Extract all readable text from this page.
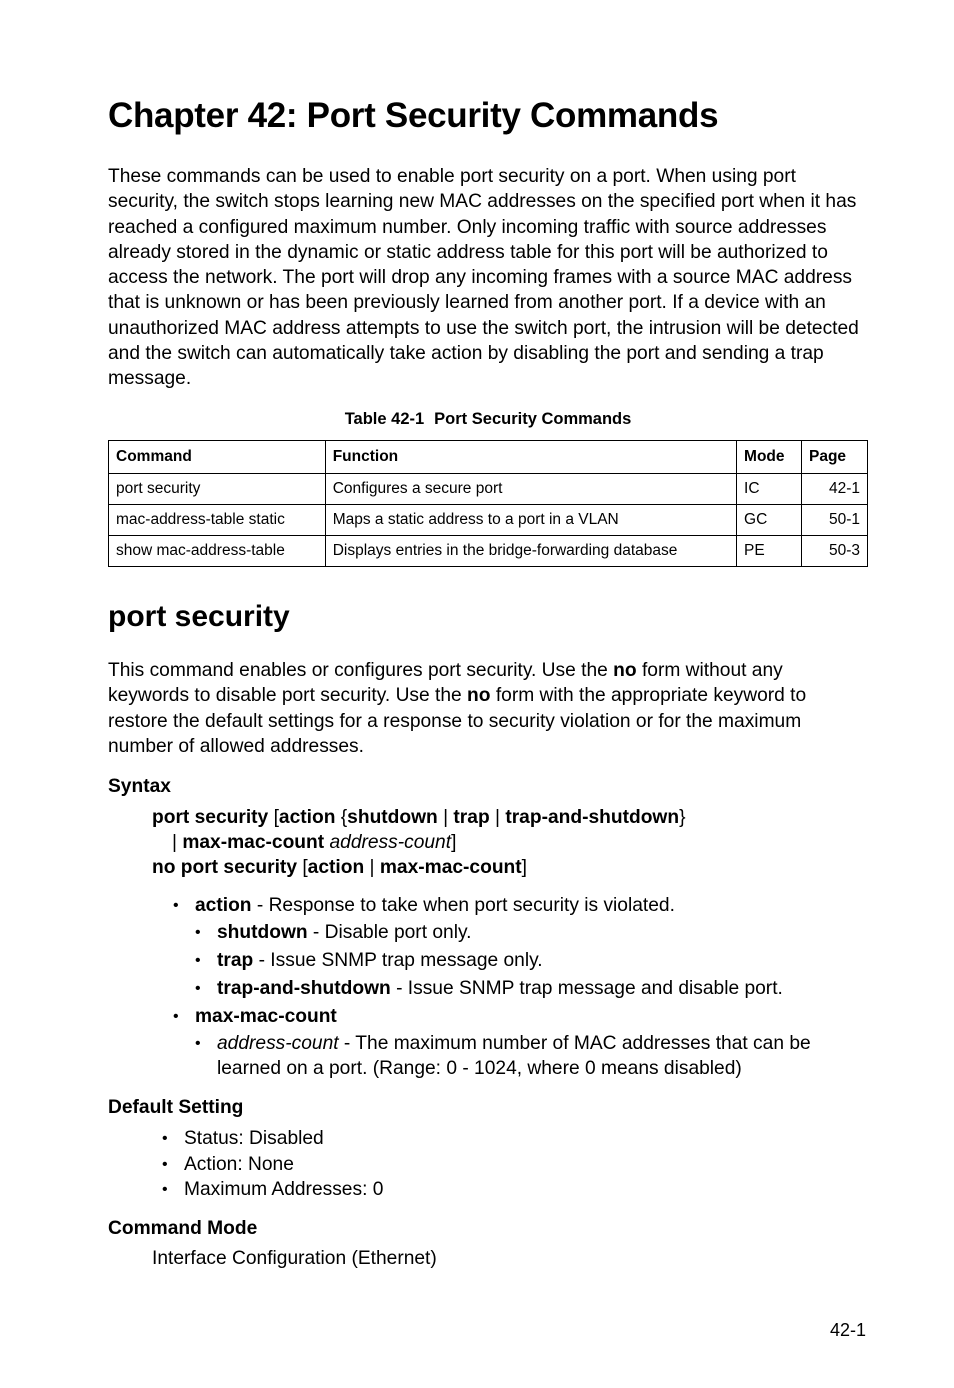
Chapter 42: Port Security Commands

These commands can be used to enable port security on a port. When using port security, the switch stops learning new MAC addresses on the specified port when it has reached a configured maximum number. Only incoming traffic with source addresses already stored in the dynamic or static address table for this port will be authorized to access the network. The port will drop any incoming frames with a source MAC address that is unknown or has been previously learned from another port. If a device with an unauthorized MAC address attempts to use the switch port, the intrusion will be detected and the switch can automatically take action by disabling the port and sending a trap message.

Table 42-1 Port Security Commands
Command	Function	Mode	Page
port security	Configures a secure port	IC	42-1
mac-address-table static	Maps a static address to a port in a VLAN	GC	50-1
show mac-address-table	Displays entries in the bridge-forwarding database	PE	50-3
port security

This command enables or configures port security. Use the no form without any keywords to disable port security. Use the no form with the appropriate keyword to restore the default settings for a response to security violation or for the maximum number of allowed addresses.

Syntax
port security [action {shutdown | trap | trap-and-shutdown}
| max-mac-count address-count]
no port security [action | max-mac-count]
• action - Response to take when port security is violated.
• shutdown - Disable port only.
• trap - Issue SNMP trap message only.
• trap-and-shutdown - Issue SNMP trap message and disable port.
• max-mac-count
• address-count - The maximum number of MAC addresses that can be learned on a port. (Range: 0 - 1024, where 0 means disabled)
Default Setting
• Status: Disabled
• Action: None
• Maximum Addresses: 0
Command Mode
Interface Configuration (Ethernet)
42-1
